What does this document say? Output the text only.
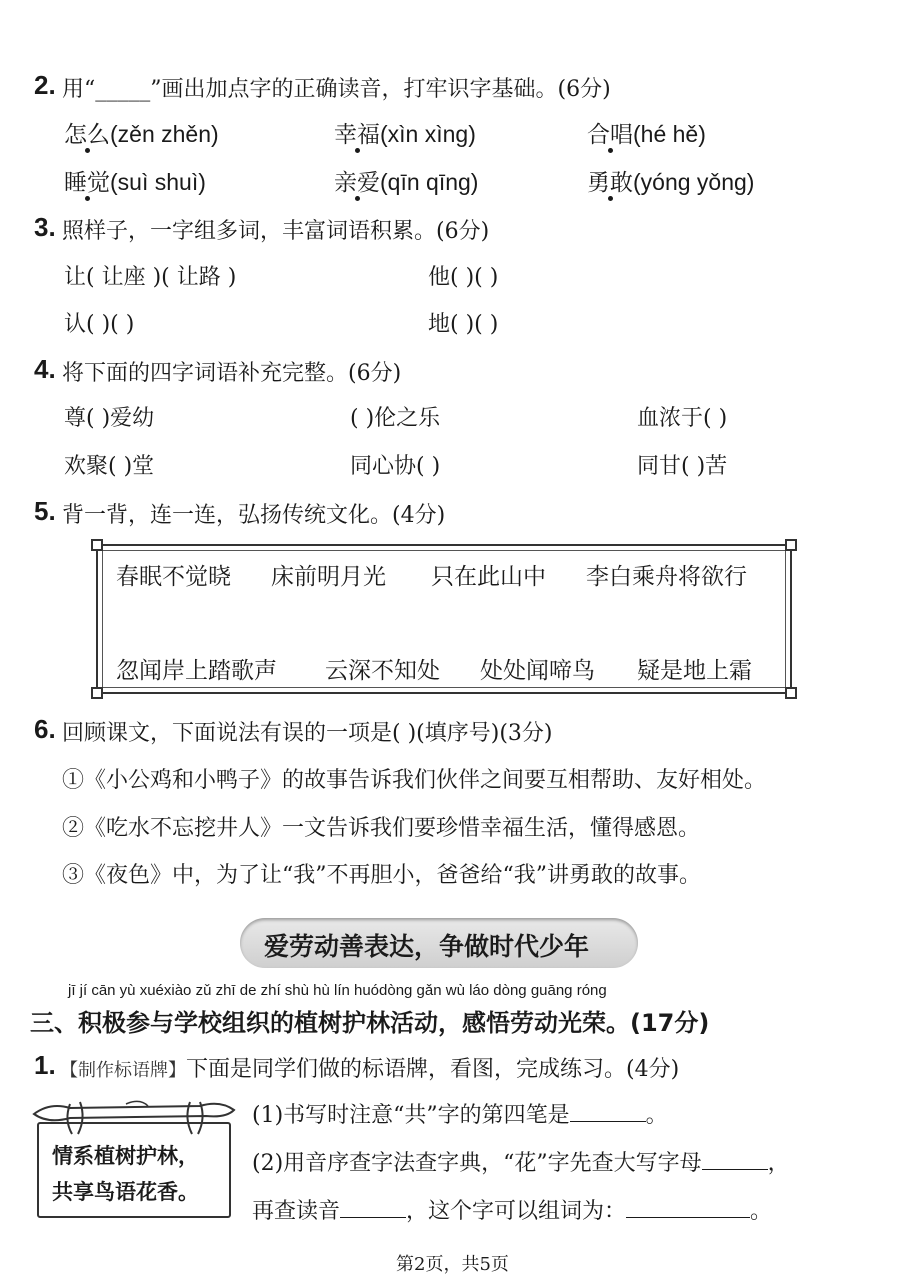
2. 用“_____”画出加点字的正确读音，打牢识字基础。(6分)
怎么(zěn zhěn)	幸福(xìn xìng)	合唱(hé hě)
睡觉(suì shuì)	亲爱(qīn qīng)	勇敢(yóng yǒng)
3. 照样子，一字组多词，丰富词语积累。(6分)
让( 让座 )( 让路 )	他( )( )
认( )( )	地( )( )
4. 将下面的四字词语补充完整。(6分)
尊( )爱幼	( )伦之乐	血浓于( )
欢聚( )堂	同心协( )	同甘( )苦
5. 背一背，连一连，弘扬传统文化。(4分)
春眠不觉晓 床前明月光 只在此山中 李白乘舟将欲行
忽闻岸上踏歌声 云深不知处 处处闻啼鸟 疑是地上霜
6. 回顾课文，下面说法有误的一项是( )(填序号)(3分)
①《小公鸡和小鸭子》的故事告诉我们伙伴之间要互相帮助、友好相处。
②《吃水不忘挖井人》一文告诉我们要珍惜幸福生活，懂得感恩。
③《夜色》中，为了让“我”不再胆小，爸爸给“我”讲勇敢的故事。
爱劳动善表达，争做时代少年
jī jí cān yù xuéxiào zǔ zhī de zhí shù hù lín huódòng gǎn wù láo dònɡ ɡuānɡ rónɡ
三、积极参与学校组织的植树护林活动，感悟劳动光荣。(17分)
1. 【制作标语牌】下面是同学们做的标语牌，看图，完成练习。(4分)
情系植树护林，
共享鸟语花香。
(1)书写时注意“共”字的第四笔是	。
(2)用音序查字法查字典，“花”字先查大写字母	，
再查读音	，这个字可以组词为：	。
第2页，共5页
